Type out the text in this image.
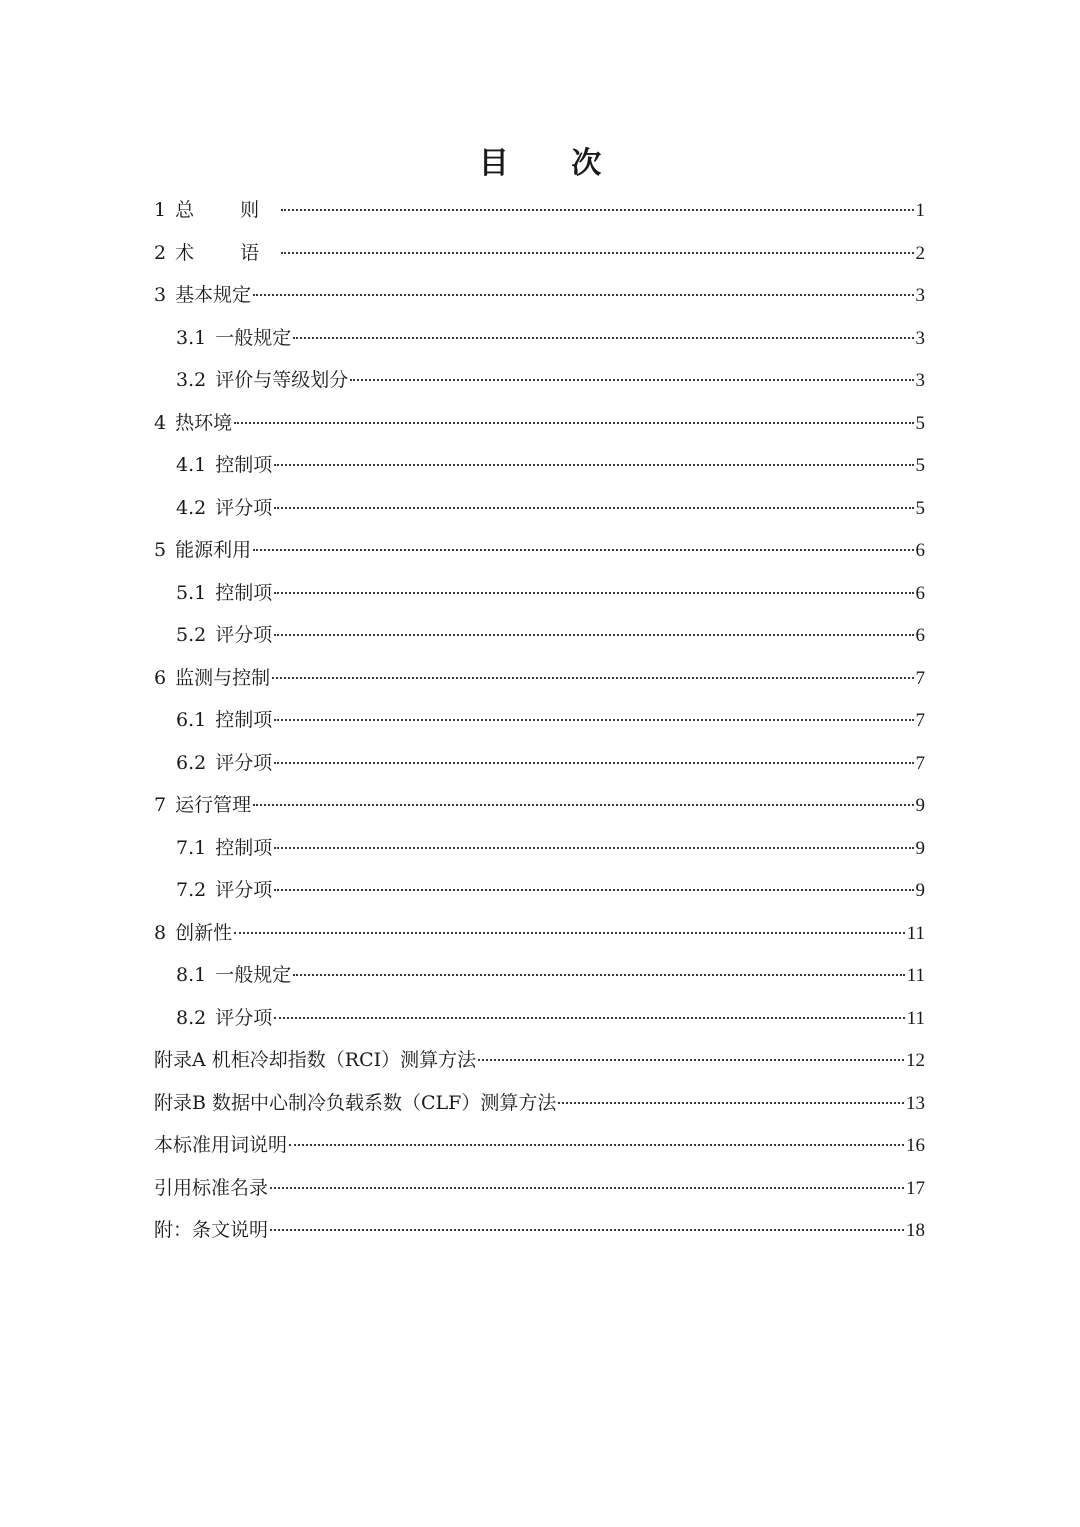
目 次
1 总 则	1
2 术 语	2
3 基本规定	3
3.1 一般规定	3
3.2 评价与等级划分	3
4 热环境	5
4.1 控制项	5
4.2 评分项	5
5 能源利用	6
5.1 控制项	6
5.2 评分项	6
6 监测与控制	7
6.1 控制项	7
6.2 评分项	7
7 运行管理	9
7.1 控制项	9
7.2 评分项	9
8 创新性	11
8.1 一般规定	11
8.2 评分项	11
附录A 机柜冷却指数（RCI）测算方法	12
附录B 数据中心制冷负载系数（CLF）测算方法	13
本标准用词说明	16
引用标准名录	17
附：条文说明	18
